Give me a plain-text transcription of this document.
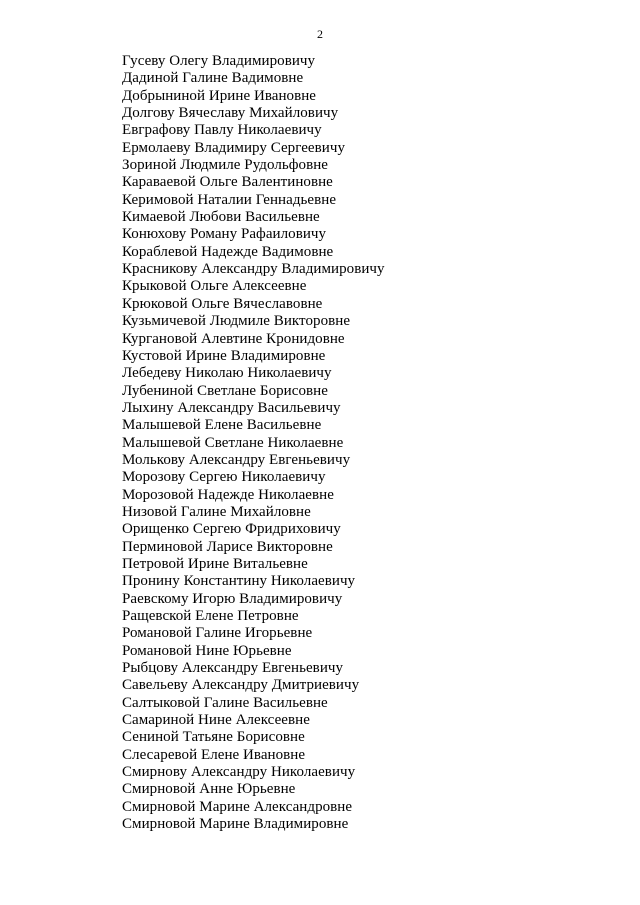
2
Гусеву Олегу Владимировичу
Дадиной Галине Вадимовне
Добрыниной Ирине Ивановне
Долгову Вячеславу Михайловичу
Евграфову Павлу Николаевичу
Ермолаеву Владимиру Сергеевичу
Зориной Людмиле Рудольфовне
Караваевой Ольге Валентиновне
Керимовой Наталии Геннадьевне
Кимаевой Любови Васильевне
Конюхову Роману Рафаиловичу
Кораблевой Надежде Вадимовне
Красникову Александру Владимировичу
Крыковой Ольге Алексеевне
Крюковой Ольге Вячеславовне
Кузьмичевой Людмиле Викторовне
Кургановой Алевтине Кронидовне
Кустовой Ирине Владимировне
Лебедеву Николаю Николаевичу
Лубениной Светлане Борисовне
Лыхину Александру Васильевичу
Малышевой Елене Васильевне
Малышевой Светлане Николаевне
Молькову Александру Евгеньевичу
Морозову Сергею Николаевичу
Морозовой Надежде Николаевне
Низовой Галине Михайловне
Орищенко Сергею Фридриховичу
Перминовой Ларисе Викторовне
Петровой Ирине Витальевне
Пронину Константину Николаевичу
Раевскому Игорю Владимировичу
Ращевской Елене Петровне
Романовой Галине Игорьевне
Романовой Нине Юрьевне
Рыбцову Александру Евгеньевичу
Савельеву Александру Дмитриевичу
Салтыковой Галине Васильевне
Самариной Нине Алексеевне
Сениной Татьяне Борисовне
Слесаревой Елене Ивановне
Смирнову Александру Николаевичу
Смирновой Анне Юрьевне
Смирновой Марине Александровне
Смирновой Марине Владимировне
